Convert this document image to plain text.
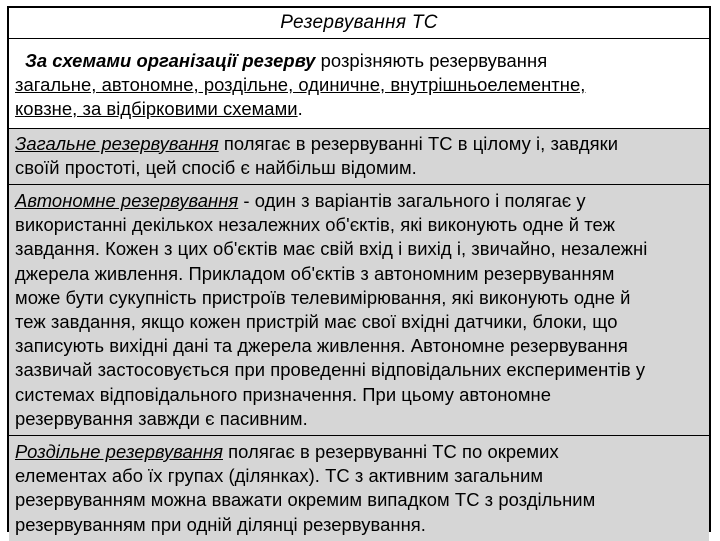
Резервування ТС
За схемами організації резерву розрізняють резервування
загальне, автономне, роздільне, одиничне, внутрішньоелементне,
ковзне, за відбірковими схемами.
Загальне резервування полягає в резервуванні ТС в цілому і, завдяки
своїй простоті, цей спосіб є найбільш відомим.
Автономне резервування - один з варіантів загального і полягає у
використанні декількох незалежних об'єктів, які виконують одне й теж
завдання. Кожен з цих об'єктів має свій вхід і вихід і, звичайно, незалежні
джерела живлення. Прикладом об'єктів з автономним резервуванням
може бути сукупність пристроїв телевимірювання, які виконують одне й
теж завдання, якщо кожен пристрій має свої вхідні датчики, блоки, що
записують вихідні дані та джерела живлення. Автономне резервування
зазвичай застосовується при проведенні відповідальних експериментів у
системах відповідального призначення. При цьому автономне
резервування завжди є пасивним.
Роздільне резервування полягає в резервуванні ТС по окремих
елементах або їх групах (ділянках). ТС з активним загальним
резервуванням можна вважати окремим випадком ТС з роздільним
резервуванням при одній ділянці резервування.
